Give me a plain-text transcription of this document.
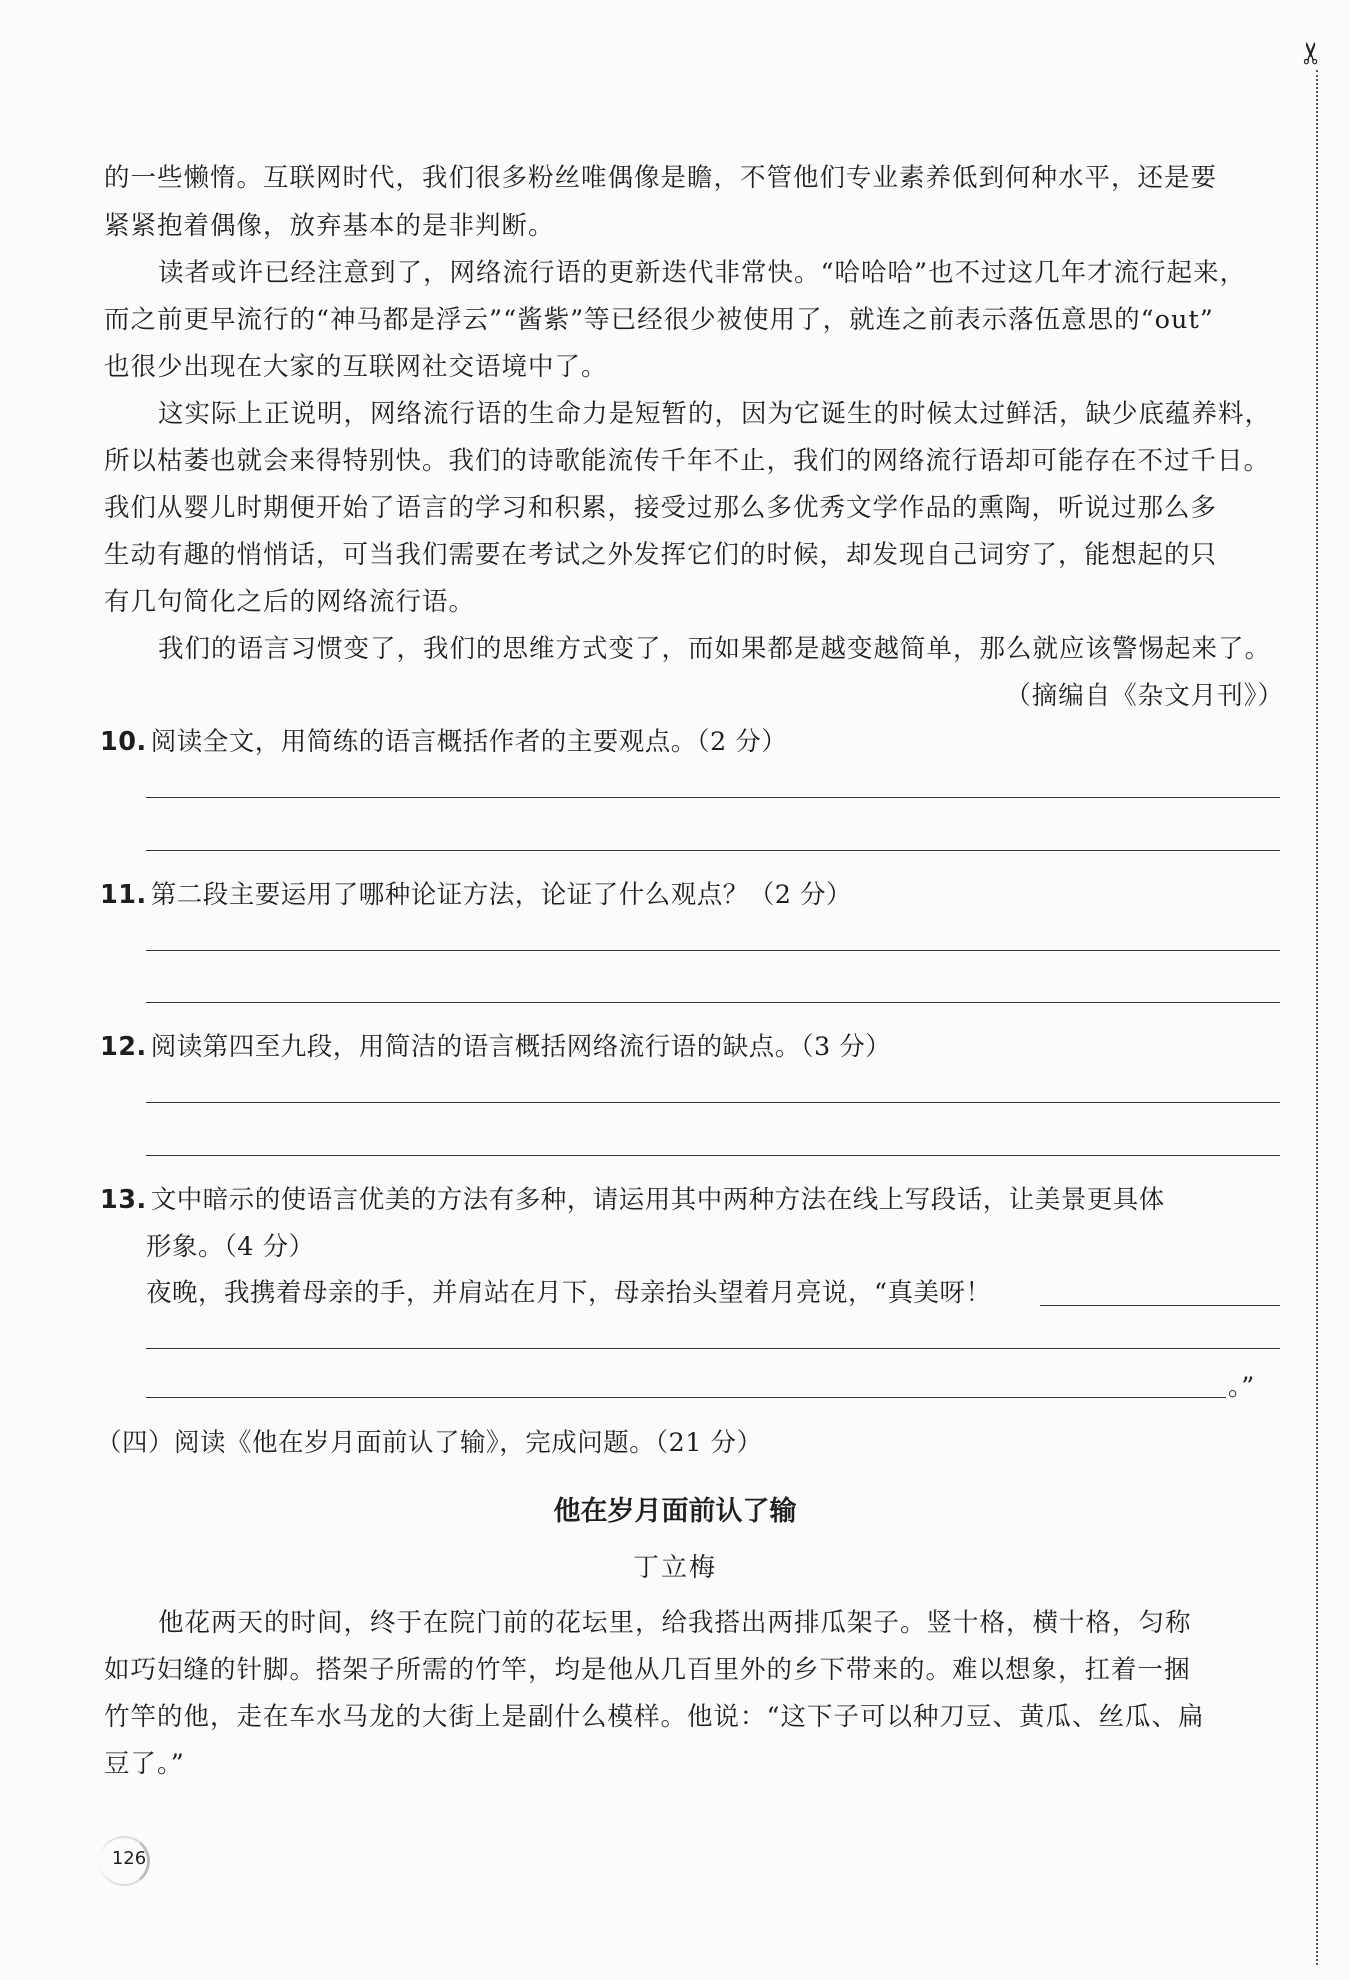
✂
的一些懒惰。互联网时代，我们很多粉丝唯偶像是瞻，不管他们专业素养低到何种水平，还是要
紧紧抱着偶像，放弃基本的是非判断。
读者或许已经注意到了，网络流行语的更新迭代非常快。“哈哈哈”也不过这几年才流行起来，
而之前更早流行的“神马都是浮云”“酱紫”等已经很少被使用了，就连之前表示落伍意思的“out”
也很少出现在大家的互联网社交语境中了。
这实际上正说明，网络流行语的生命力是短暂的，因为它诞生的时候太过鲜活，缺少底蕴养料，
所以枯萎也就会来得特别快。我们的诗歌能流传千年不止，我们的网络流行语却可能存在不过千日。
我们从婴儿时期便开始了语言的学习和积累，接受过那么多优秀文学作品的熏陶，听说过那么多
生动有趣的悄悄话，可当我们需要在考试之外发挥它们的时候，却发现自己词穷了，能想起的只
有几句简化之后的网络流行语。
我们的语言习惯变了，我们的思维方式变了，而如果都是越变越简单，那么就应该警惕起来了。
（摘编自《杂文月刊》）
10. 阅读全文，用简练的语言概括作者的主要观点。（2 分）
11. 第二段主要运用了哪种论证方法，论证了什么观点？（2 分）
12. 阅读第四至九段，用简洁的语言概括网络流行语的缺点。（3 分）
13. 文中暗示的使语言优美的方法有多种，请运用其中两种方法在线上写段话，让美景更具体
形象。（4 分）
夜晚，我携着母亲的手，并肩站在月下，母亲抬头望着月亮说，“真美呀！
。”
（四）阅读《他在岁月面前认了输》，完成问题。（21 分）
他在岁月面前认了输
丁立梅
他花两天的时间，终于在院门前的花坛里，给我搭出两排瓜架子。竖十格，横十格，匀称
如巧妇缝的针脚。搭架子所需的竹竿，均是他从几百里外的乡下带来的。难以想象，扛着一捆
竹竿的他，走在车水马龙的大街上是副什么模样。他说：“这下子可以种刀豆、黄瓜、丝瓜、扁
豆了。”
126
